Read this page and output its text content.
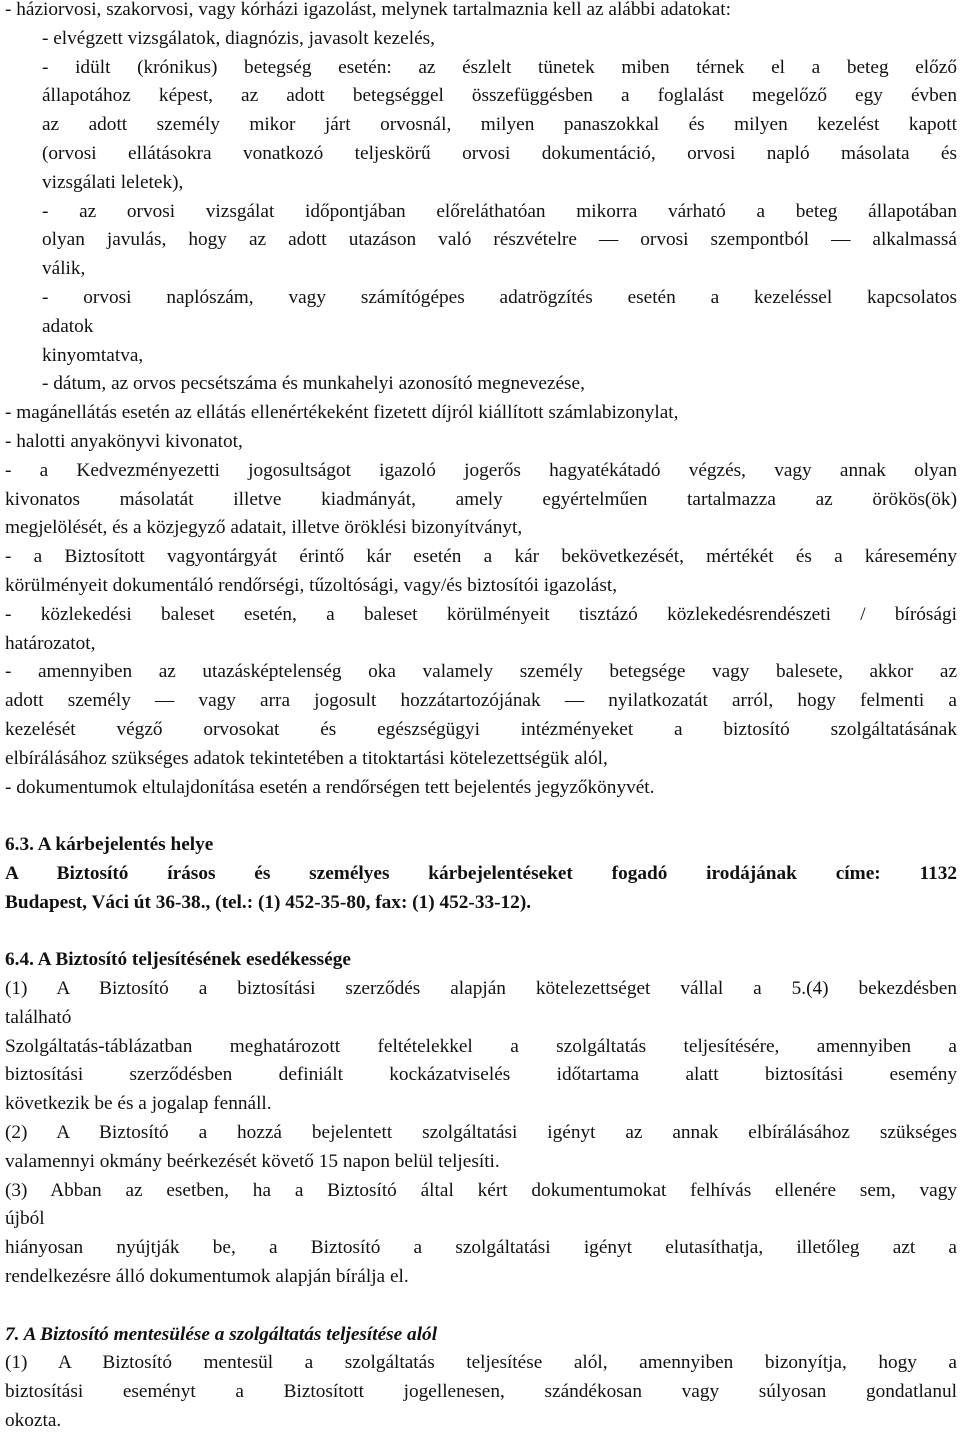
- háziorvosi, szakorvosi, vagy kórházi igazolást, melynek tartalmaznia kell az alábbi adatokat:
- elvégzett vizsgálatok, diagnózis, javasolt kezelés,
- idült (krónikus) betegség esetén: az észlelt tünetek miben térnek el a beteg előző
állapotához képest, az adott betegséggel összefüggésben a foglalást megelőző egy évben
az adott személy mikor járt orvosnál, milyen panaszokkal és milyen kezelést kapott
(orvosi ellátásokra vonatkozó teljeskörű orvosi dokumentáció, orvosi napló másolata és
vizsgálati leletek),
- az orvosi vizsgálat időpontjában előreláthatóan mikorra várható a beteg állapotában
olyan javulás, hogy az adott utazáson való részvételre — orvosi szempontból — alkalmassá
válik,
- orvosi naplószám, vagy számítógépes adatrögzítés esetén a kezeléssel kapcsolatos
adatok
kinyomtatva,
- dátum, az orvos pecsétszáma és munkahelyi azonosító megnevezése,
- magánellátás esetén az ellátás ellenértékeként fizetett díjról kiállított számlabizonylat,
- halotti anyakönyvi kivonatot,
- a Kedvezményezetti jogosultságot igazoló jogerős hagyatékátadó végzés, vagy annak olyan
kivonatos másolatát illetve kiadmányát, amely egyértelműen tartalmazza az örökös(ök)
megjelölését, és a közjegyző adatait, illetve öröklési bizonyítványt,
- a Biztosított vagyontárgyát érintő kár esetén a kár bekövetkezését, mértékét és a káresemény
körülményeit dokumentáló rendőrségi, tűzoltósági, vagy/és biztosítói igazolást,
- közlekedési baleset esetén, a baleset körülményeit tisztázó közlekedésrendészeti / bírósági
határozatot,
- amennyiben az utazásképtelenség oka valamely személy betegsége vagy balesete, akkor az
adott személy — vagy arra jogosult hozzátartozójának — nyilatkozatát arról, hogy felmenti a
kezelését végző orvosokat és egészségügyi intézményeket a biztosító szolgáltatásának
elbírálásához szükséges adatok tekintetében a titoktartási kötelezettségük alól,
- dokumentumok eltulajdonítása esetén a rendőrségen tett bejelentés jegyzőkönyvét.
6.3. A kárbejelentés helye
A Biztosító írásos és személyes kárbejelentéseket fogadó irodájának címe: 1132
Budapest, Váci út 36-38., (tel.: (1) 452-35-80, fax: (1) 452-33-12).
6.4. A Biztosító teljesítésének esedékessége
(1) A Biztosító a biztosítási szerződés alapján kötelezettséget vállal a 5.(4) bekezdésben
található
Szolgáltatás-táblázatban meghatározott feltételekkel a szolgáltatás teljesítésére, amennyiben a
biztosítási szerződésben definiált kockázatviselés időtartama alatt biztosítási esemény
következik be és a jogalap fennáll.
(2) A Biztosító a hozzá bejelentett szolgáltatási igényt az annak elbírálásához szükséges
valamennyi okmány beérkezését követő 15 napon belül teljesíti.
(3) Abban az esetben, ha a Biztosító által kért dokumentumokat felhívás ellenére sem, vagy
újból
hiányosan nyújtják be, a Biztosító a szolgáltatási igényt elutasíthatja, illetőleg azt a
rendelkezésre álló dokumentumok alapján bírálja el.
7. A Biztosító mentesülése a szolgáltatás teljesítése alól
(1) A Biztosító mentesül a szolgáltatás teljesítése alól, amennyiben bizonyítja, hogy a
biztosítási eseményt a Biztosított jogellenesen, szándékosan vagy súlyosan gondatlanul
okozta.
